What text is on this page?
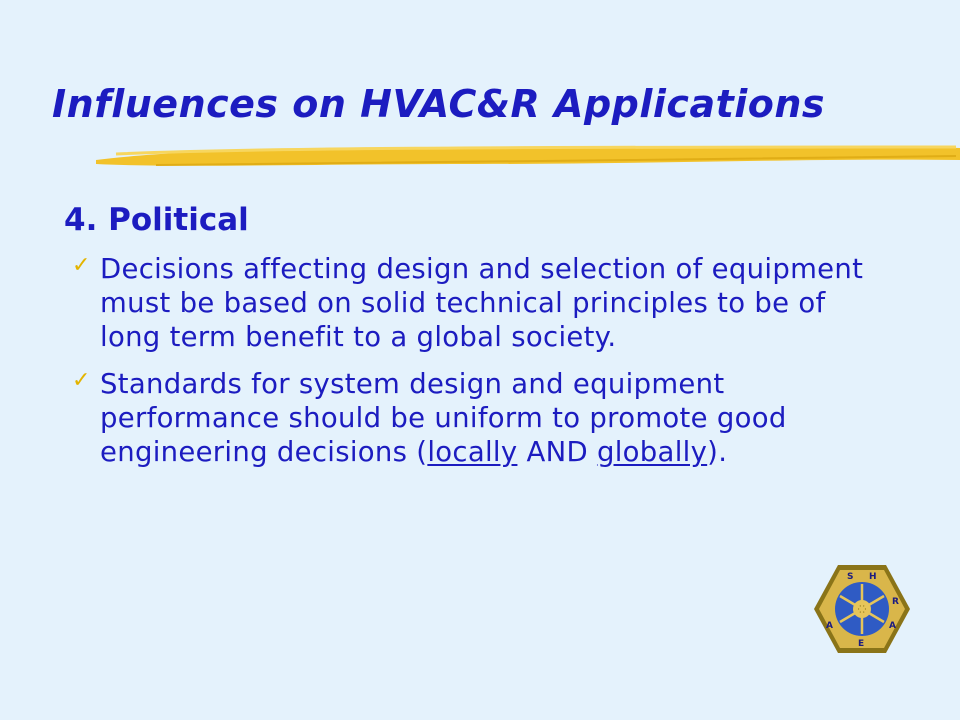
Influences on HVAC&R Applications
4. Political
✓ Decisions affecting design and selection of equipment must be based on solid technical principles to be of long term benefit to a global society.
✓ Standards for system design and equipment performance should be uniform to promote good engineering decisions (locally AND globally).
S H
R
A
E
A
